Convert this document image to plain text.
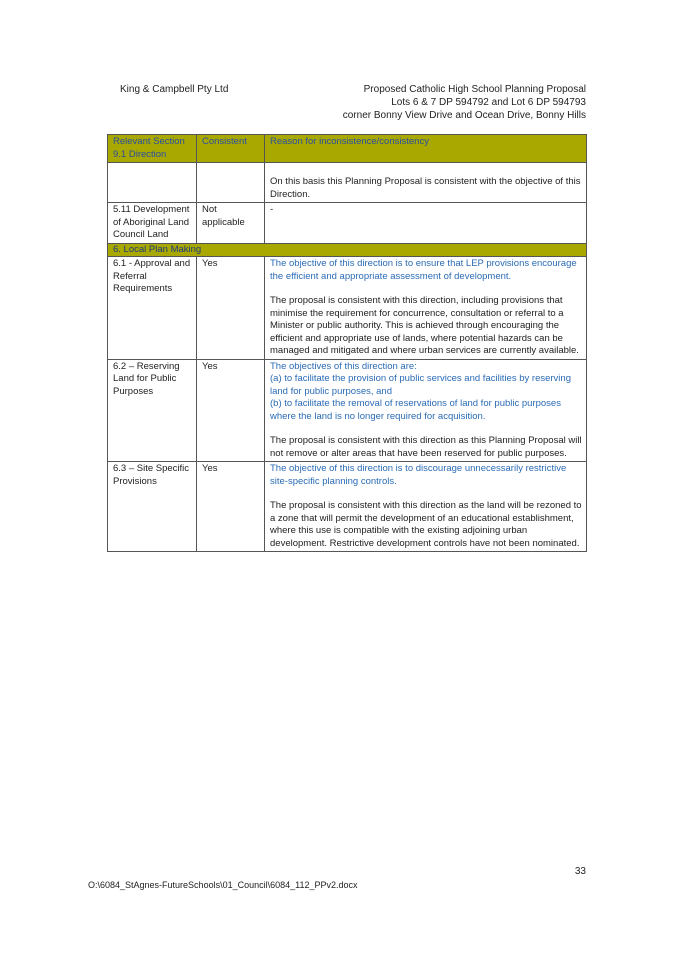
King & Campbell Pty Ltd	Proposed Catholic High School Planning Proposal
Lots 6 & 7 DP 594792 and Lot 6 DP 594793
corner Bonny View Drive and Ocean Drive, Bonny Hills
Relevant Section 9.1 Direction	Consistent	Reason for inconsistence/consistency

		On this basis this Planning Proposal is consistent with the objective of this Direction.

5.11 Development of Aboriginal Land Council Land	Not applicable	-
6. Local Plan Making		
6.1 - Approval and Referral Requirements	Yes	The objective of this direction is to ensure that LEP provisions encourage the efficient and appropriate assessment of development.

The proposal is consistent with this direction, including provisions that minimise the requirement for concurrence, consultation or referral to a Minister or public authority. This is achieved through encouraging the efficient and appropriate use of lands, where potential hazards can be managed and mitigated and where urban services are currently available.

6.2 – Reserving Land for Public Purposes	Yes	The objectives of this direction are:

(a) to facilitate the provision of public services and facilities by reserving land for public purposes, and

(b) to facilitate the removal of reservations of land for public purposes where the land is no longer required for acquisition.

The proposal is consistent with this direction as this Planning Proposal will not remove or alter areas that have been reserved for public purposes.

6.3 – Site Specific Provisions	Yes	The objective of this direction is to discourage unnecessarily restrictive site-specific planning controls.

The proposal is consistent with this direction as the land will be rezoned to a zone that will permit the development of an educational establishment, where this use is compatible with the existing adjoining urban development. Restrictive development controls have not been nominated.

33
O:\6084_StAgnes-FutureSchools\01_Council\6084_112_PPv2.docx
